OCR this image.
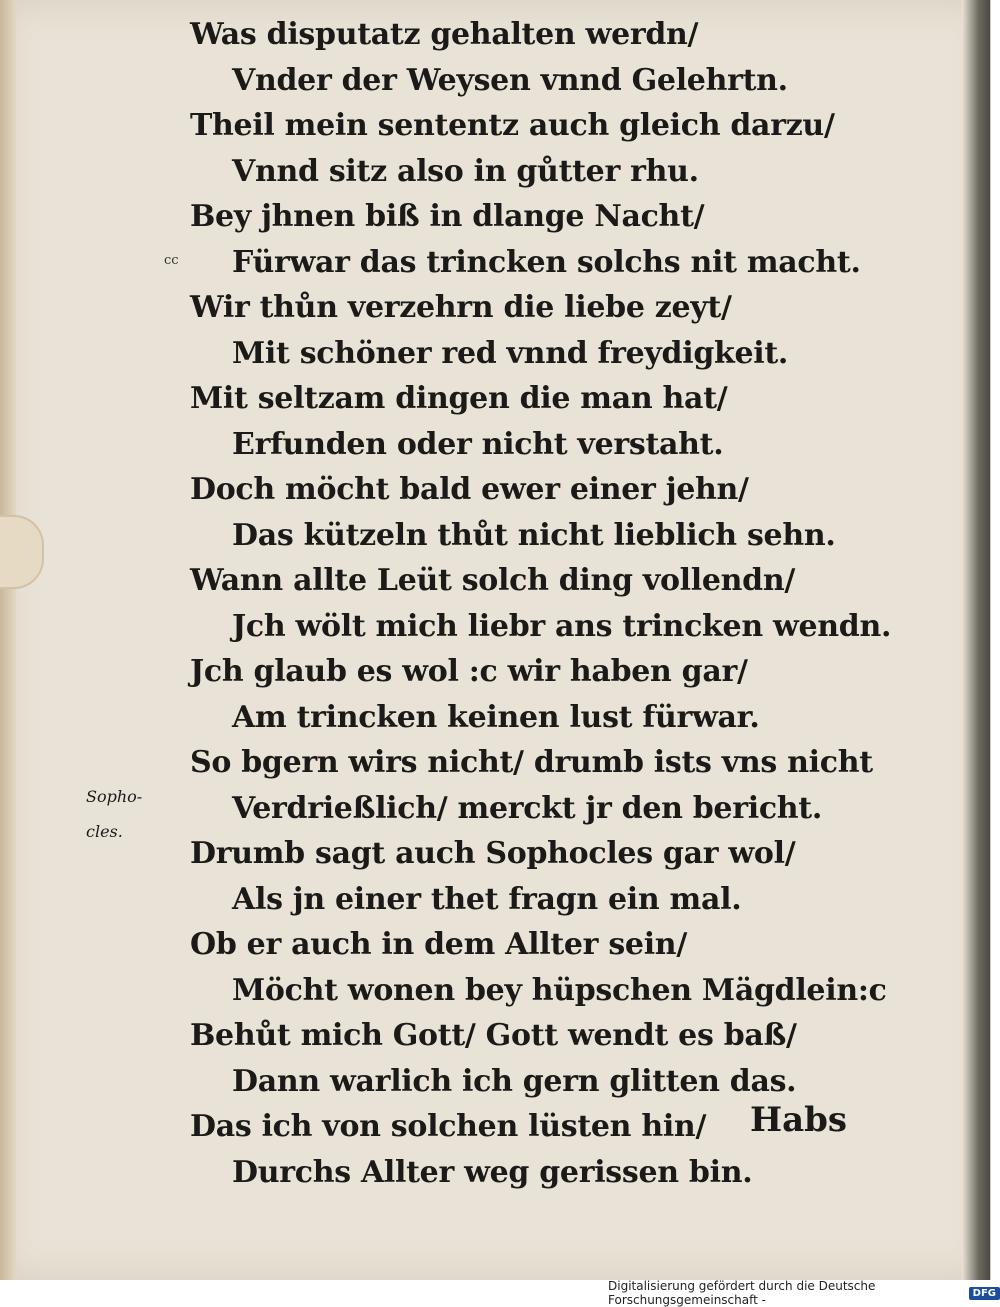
cc
Sopho-
cles.
Was disputatz gehalten werdn/
Vnder der Weysen vnnd Gelehrtn.
Theil mein sententz auch gleich darzu/
Vnnd sitz also in gůtter rhu.
Bey jhnen biß in dlange Nacht/
Fürwar das trincken solchs nit macht.
Wir thůn verzehrn die liebe zeyt/
Mit schöner red vnnd freydigkeit.
Mit seltzam dingen die man hat/
Erfunden oder nicht verstaht.
Doch möcht bald ewer einer jehn/
Das kützeln thůt nicht lieblich sehn.
Wann allte Leüt solch ding vollendn/
Jch wölt mich liebr ans trincken wendn.
Jch glaub es wol :c wir haben gar/
Am trincken keinen lust fürwar.
So bgern wirs nicht/ drumb ists vns nicht
Verdrießlich/ merckt jr den bericht.
Drumb sagt auch Sophocles gar wol/
Als jn einer thet fragn ein mal.
Ob er auch in dem Allter sein/
Möcht wonen bey hüpschen Mägdlein:c
Behůt mich Gott/ Gott wendt es baß/
Dann warlich ich gern glitten das.
Das ich von solchen lüsten hin/
Durchs Allter weg gerissen bin.
Habs
Digitalisierung gefördert durch die Deutsche Forschungsgemeinschaft -	DFG
